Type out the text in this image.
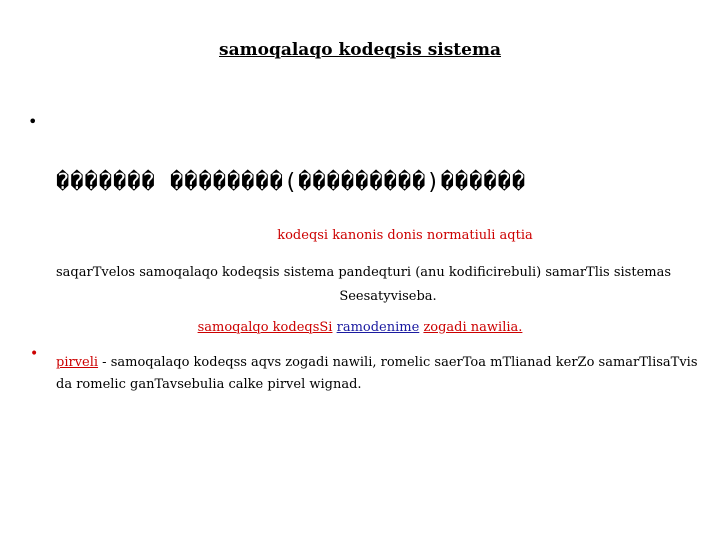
samoqalaqo kodeqsis sistema
•

������� ��������(���������)������

kodeqsi kanonis donis normatiuli aqtia
saqarTvelos samoqalaqo kodeqsis sistema pandeqturi (anu kodificirebuli) samarTlis sistemas
Seesatyviseba.
samoqalqo kodeqsSi ramodenime zogadi nawilia.
•
pirveli - samoqalaqo kodeqss aqvs zogadi nawili, romelic saerToa mTlianad kerZo samarTlisaTvis da romelic ganTavsebulia calke pirvel wignad.
